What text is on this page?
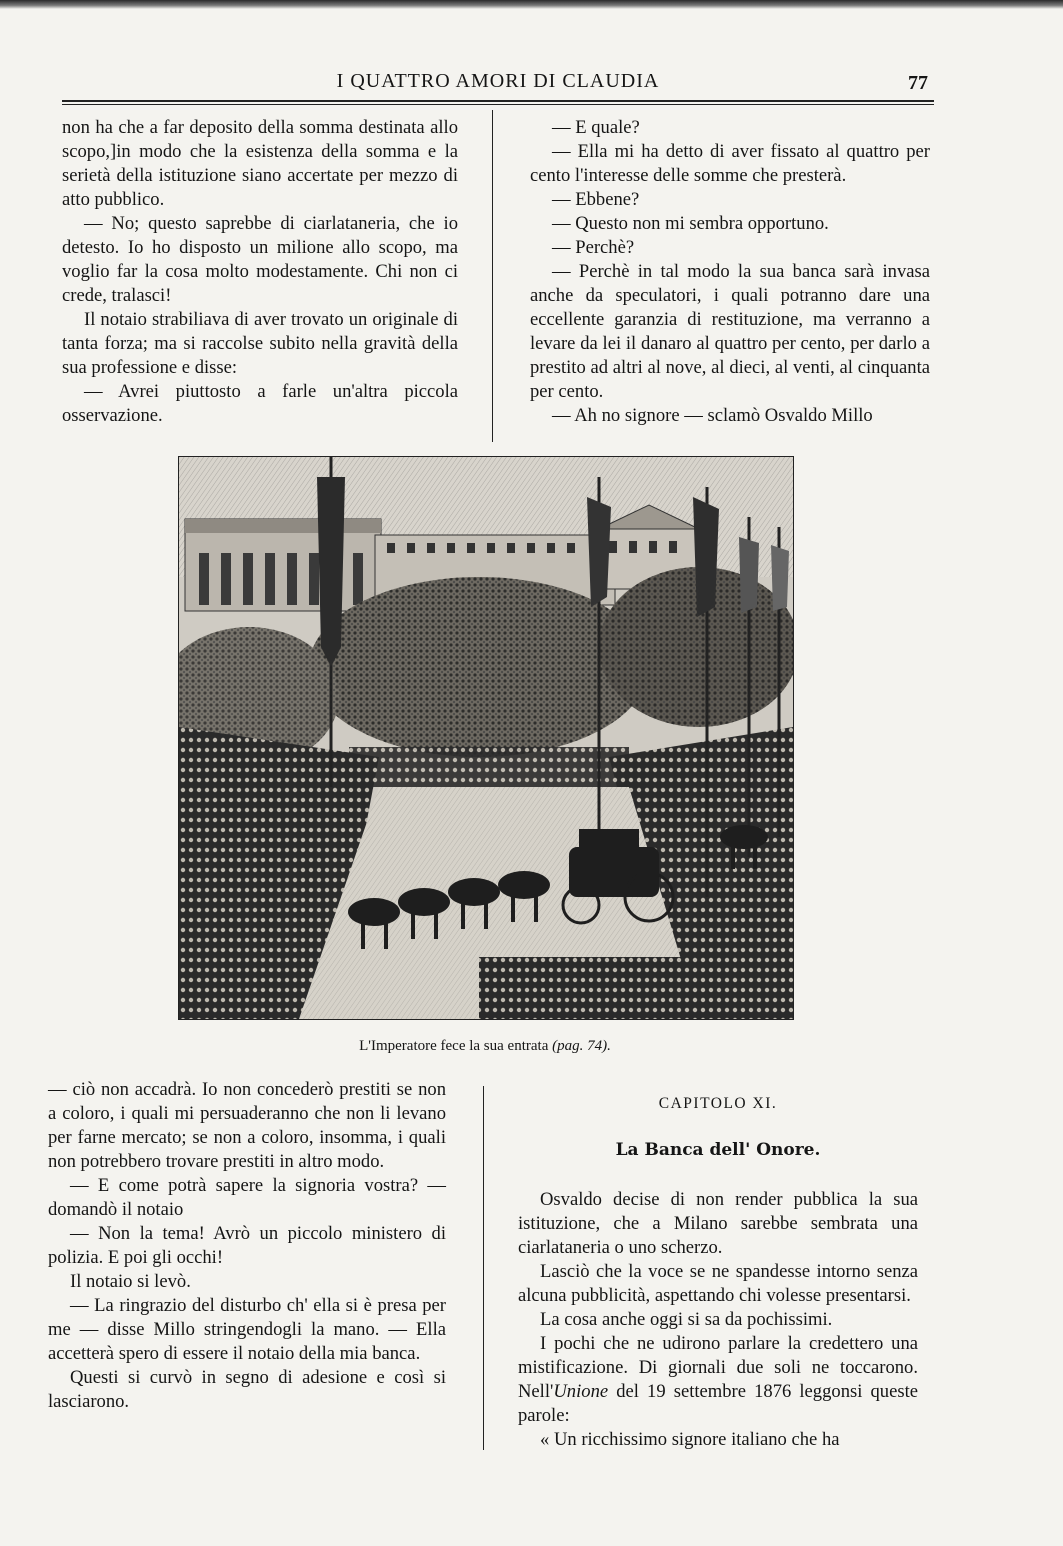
I QUATTRO AMORI DI CLAUDIA	77

non ha che a far deposito della somma destinata allo scopo,]in modo che la esistenza della somma e la serietà della istituzione siano accertate per mezzo di atto pubblico.

— No; questo saprebbe di ciarlataneria, che io detesto. Io ho disposto un milione allo scopo, ma voglio far la cosa molto modestamente. Chi non ci crede, tralasci!

Il notaio strabiliava di aver trovato un originale di tanta forza; ma si raccolse subito nella gravità della sua professione e disse:

— Avrei piuttosto a farle un'altra piccola osservazione.

— E quale?

— Ella mi ha detto di aver fissato al quattro per cento l'interesse delle somme che presterà.

— Ebbene?

— Questo non mi sembra opportuno.

— Perchè?

— Perchè in tal modo la sua banca sarà invasa anche da speculatori, i quali potranno dare una eccellente garanzia di restituzione, ma verranno a levare da lei il danaro al quattro per cento, per darlo a prestito ad altri al nove, al dieci, al venti, al cinquanta per cento.

— Ah no signore — sclamò Osvaldo Millo

L'Imperatore fece la sua entrata (pag. 74).

— ciò non accadrà. Io non concederò prestiti se non a coloro, i quali mi persuaderanno che non li levano per farne mercato; se non a coloro, insomma, i quali non potrebbero trovare prestiti in altro modo.

— E come potrà sapere la signoria vostra? — domandò il notaio

— Non la tema! Avrò un piccolo ministero di polizia. E poi gli occhi!

Il notaio si levò.

— La ringrazio del disturbo ch' ella si è presa per me — disse Millo stringendogli la mano. — Ella accetterà spero di essere il notaio della mia banca.

Questi si curvò in segno di adesione e così si lasciarono.

CAPITOLO XI.
La Banca dell' Onore.

Osvaldo decise di non render pubblica la sua istituzione, che a Milano sarebbe sembrata una ciarlataneria o uno scherzo.

Lasciò che la voce se ne spandesse intorno senza alcuna pubblicità, aspettando chi volesse presentarsi.

La cosa anche oggi si sa da pochissimi.

I pochi che ne udirono parlare la credettero una mistificazione. Di giornali due soli ne toccarono. Nell'Unione del 19 settembre 1876 leggonsi queste parole:

« Un ricchissimo signore italiano che ha
